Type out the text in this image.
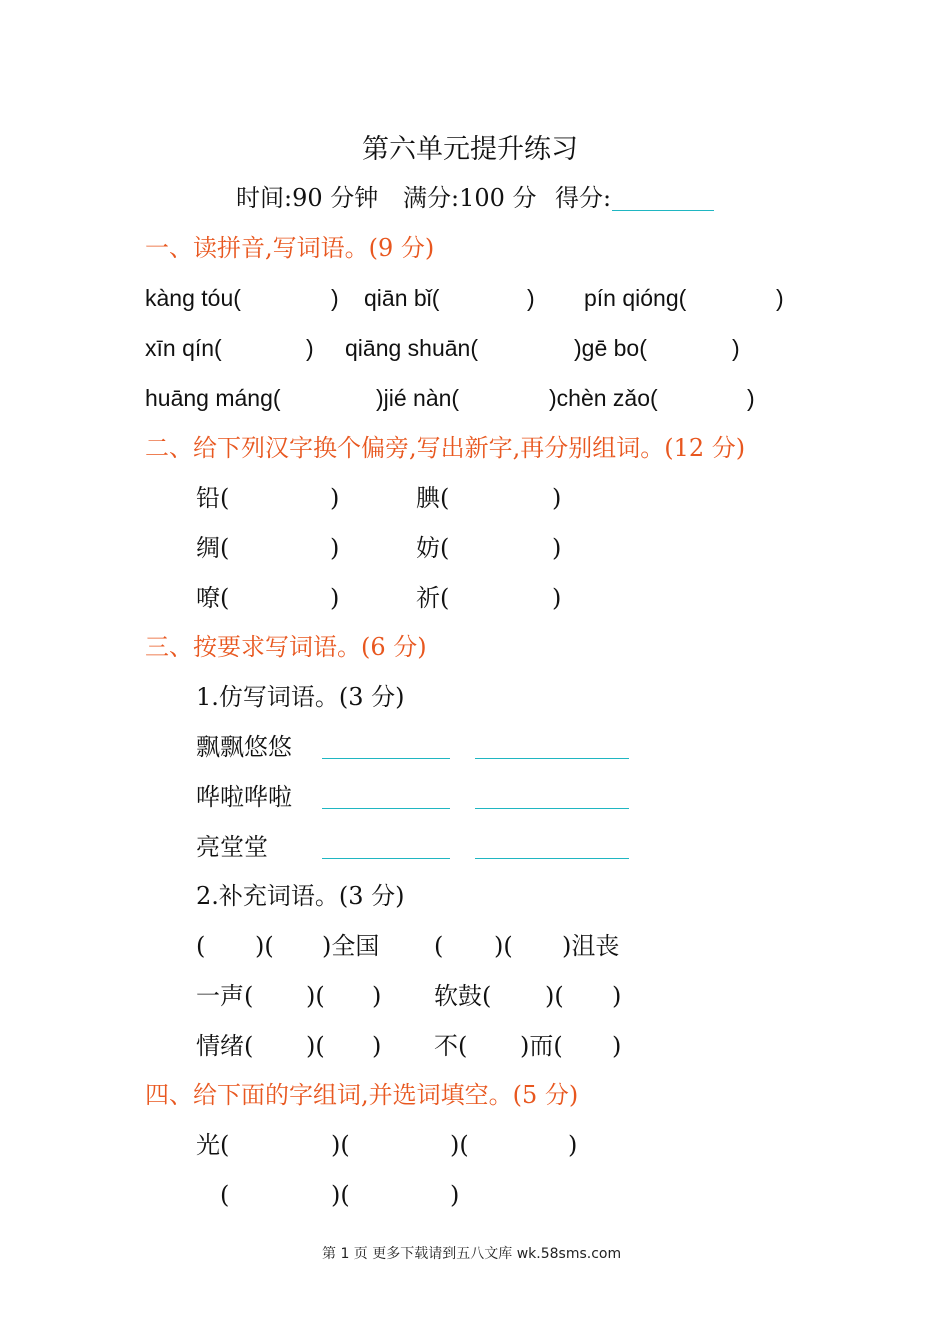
第六单元提升练习
时间:90 分钟 满分:100 分 得分:
一、读拼音,写词语。(9 分)
kàng tóu(	) qiān bǐ(	) pín qióng(	)
xīn qín(	) qiāng shuān(	)gē bo(	)
huāng máng(	)jié nàn(	)chèn zǎo(	)
二、给下列汉字换个偏旁,写出新字,再分别组词。(12 分)
铅(	)	腆(	)
绸(	)	妨(	)
嘹(	)	祈(	)
三、按要求写词语。(6 分)
1.仿写词语。(3 分)
飘飘悠悠
哗啦哗啦
亮堂堂
2.补充词语。(3 分)
( )( )全国 ( )( )沮丧
一声( )( ) 软鼓( )( )
情绪( )( ) 不( )而( )
四、给下面的字组词,并选词填空。(5 分)
光(	)(	)(	)
(	)(	)
第 1 页 更多下载请到五八文库 wk.58sms.com
